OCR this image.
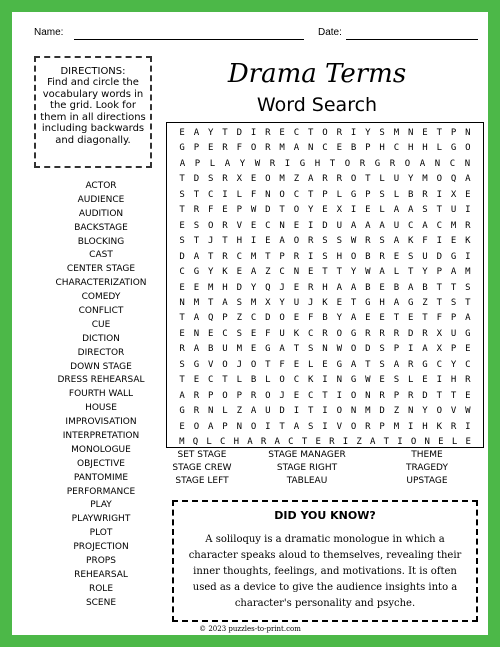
Name:	Date:
DIRECTIONS:
Find and circle the vocabulary words in the grid. Look for them in all directions including backwards and diagonally.
Drama Terms
Word Search
ACTOR
AUDIENCE
AUDITION
BACKSTAGE
BLOCKING
CAST
CENTER STAGE
CHARACTERIZATION
COMEDY
CONFLICT
CUE
DICTION
DIRECTOR
DOWN STAGE
DRESS REHEARSAL
FOURTH WALL
HOUSE
IMPROVISATION
INTERPRETATION
MONOLOGUE
OBJECTIVE
PANTOMIME
PERFORMANCE
PLAY
PLAYWRIGHT
PLOT
PROJECTION
PROPS
REHEARSAL
ROLE
SCENE
E A Y T D I R E C T O R I Y S M N E T P N
G P E R F O R M A N C E B P H C H H L G O
A	P	L	A	Y	W	R	I	G	H	T	O	R	G	R	O	A	N	C	N
T D S R X E O M Z A R R O T L U Y M O Q A
S T C I L F N O C T P L G P S L B R I X E
T R F E P W D T O Y E X I E L A A S T U I
E S O R V E C N E I D U A A A U C A C M R
S T J T H I E A O R S S W R S A K F I E K
D A T R C M T P R I S H O B R E S U D G I
C G Y K E A Z C N E T T Y W A L T Y P A M
E E M H D Y Q J E R H A A B E B A B T T S
N M T A S M X Y U J K E T G H A G Z T S T
T A Q P Z C D O E F B Y A E E T E T F P A
E N E C S E F U K C R O G R R R D R X U G
R A B U M E G A T S N W O D S P I A X P E
S G V O J O T F E L E G A T S A R G C Y C
T E C T L B L O C K I N G W E S L E I H R
A R P O P R O J E C T I O N R P R D T T E
G R N L Z A U D I T I O N M D Z N Y O V W
E O A P N O I T A S I V O R P M I H K R I
M Q L C H A R A C T E R I Z A T I O N E L E
SET STAGE	STAGE MANAGER	THEME
STAGE CREW	STAGE RIGHT	TRAGEDY
STAGE LEFT	TABLEAU	UPSTAGE
DID YOU KNOW?
A soliloquy is a dramatic monologue in which a character speaks aloud to themselves, revealing their inner thoughts, feelings, and motivations. It is often used as a device to give the audience insights into a character's personality and psyche.
© 2023 puzzles-to-print.com
